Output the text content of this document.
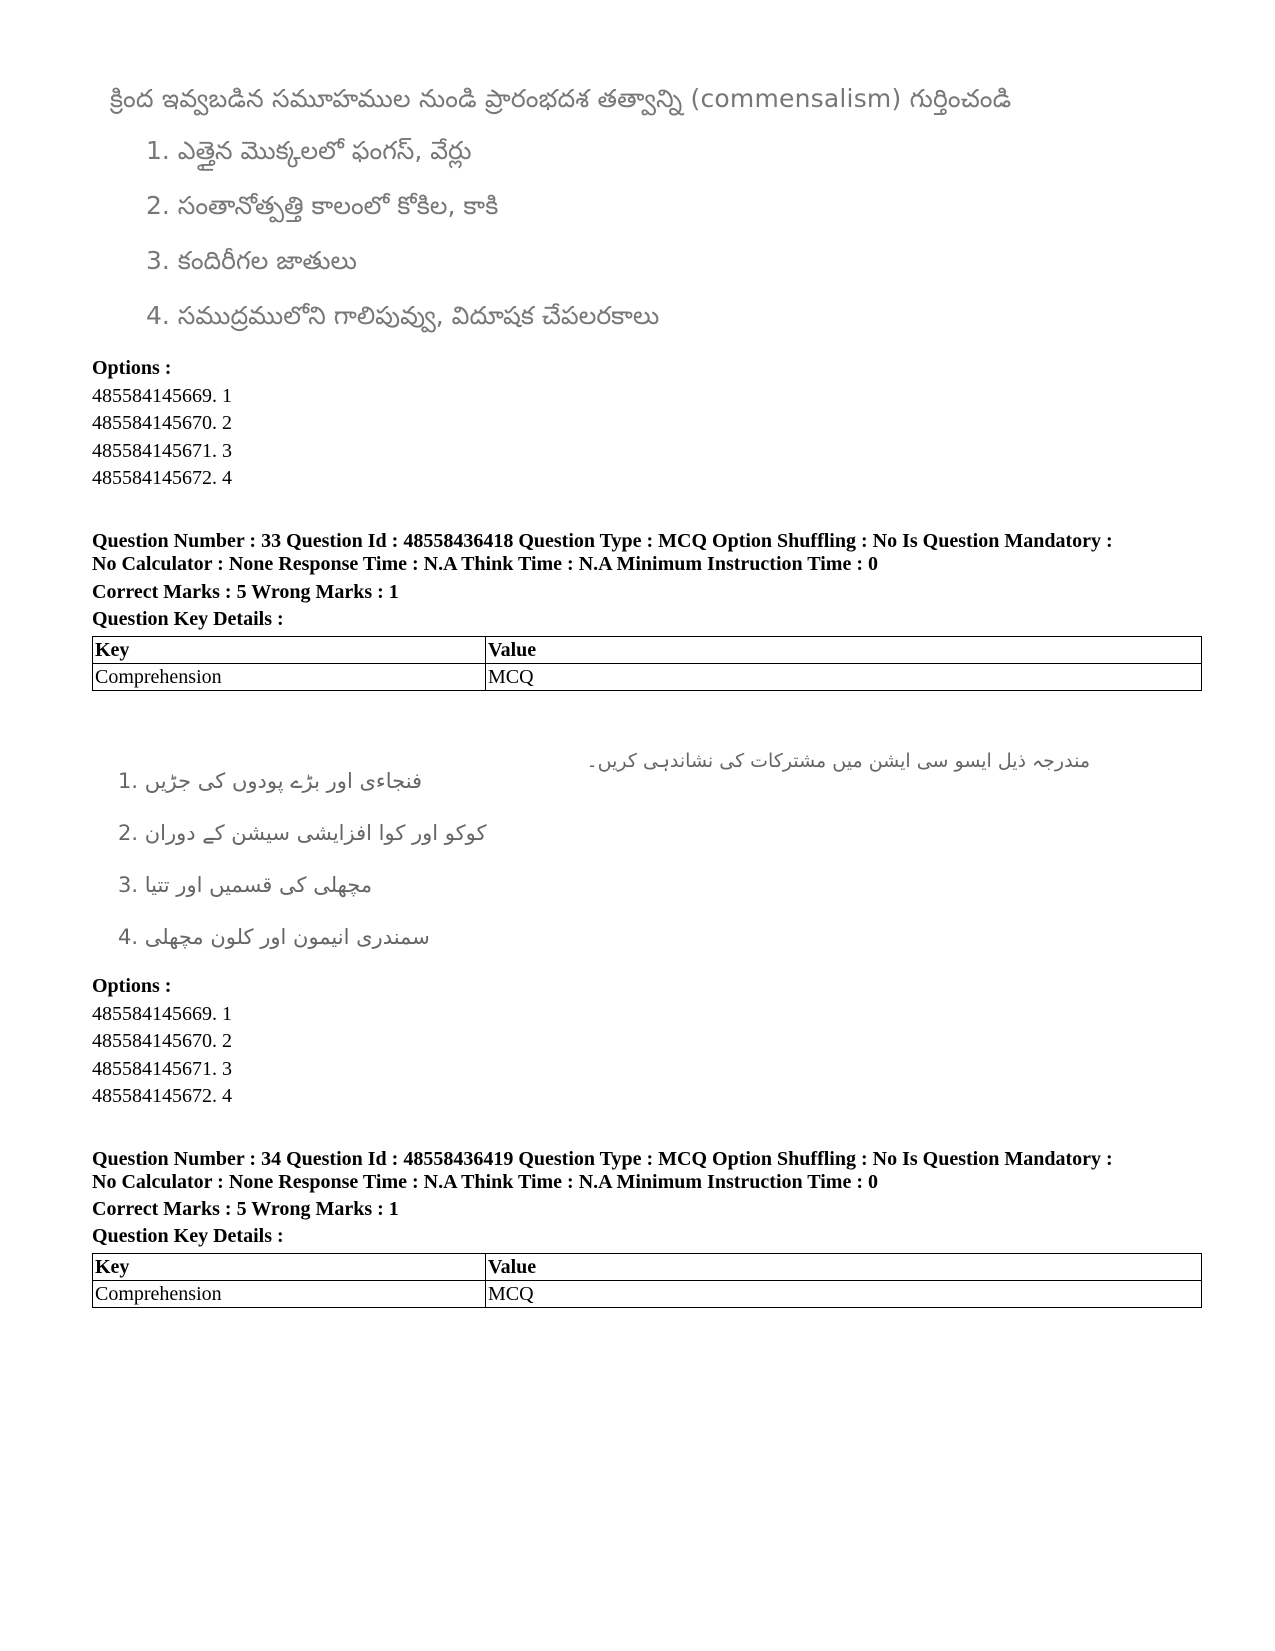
క్రింద ఇవ్వబడిన సమూహముల నుండి ప్రారంభదశ తత్వాన్ని (commensalism) గుర్తించండి
1. ఎత్తైన మొక్కలలో ఫంగస్, వేర్లు
2. సంతానోత్పత్తి కాలంలో కోకిల, కాకి
3. కందిరీగల జాతులు
4. సముద్రములోని గాలిపువ్వు, విదూషక చేపలరకాలు
Options :
485584145669. 1
485584145670. 2
485584145671. 3
485584145672. 4
Question Number : 33 Question Id : 48558436418 Question Type : MCQ Option Shuffling : No Is Question Mandatory :
No Calculator : None Response Time : N.A Think Time : N.A Minimum Instruction Time : 0
Correct Marks : 5 Wrong Marks : 1
Question Key Details :
Key	Value
Comprehension	MCQ
مندرجہ ذیل ایسو سی ایشن میں مشترکات کی نشاندہی کریں۔
1. فنجاءی اور بڑے پودوں کی جڑیں
2. کوکو اور کوا افزایشی سیشن کے دوران
3. مچھلی کی قسمیں اور تتیا
4. سمندری انیمون اور کلون مچھلی
Options :
485584145669. 1
485584145670. 2
485584145671. 3
485584145672. 4
Question Number : 34 Question Id : 48558436419 Question Type : MCQ Option Shuffling : No Is Question Mandatory :
No Calculator : None Response Time : N.A Think Time : N.A Minimum Instruction Time : 0
Correct Marks : 5 Wrong Marks : 1
Question Key Details :
Key	Value
Comprehension	MCQ
